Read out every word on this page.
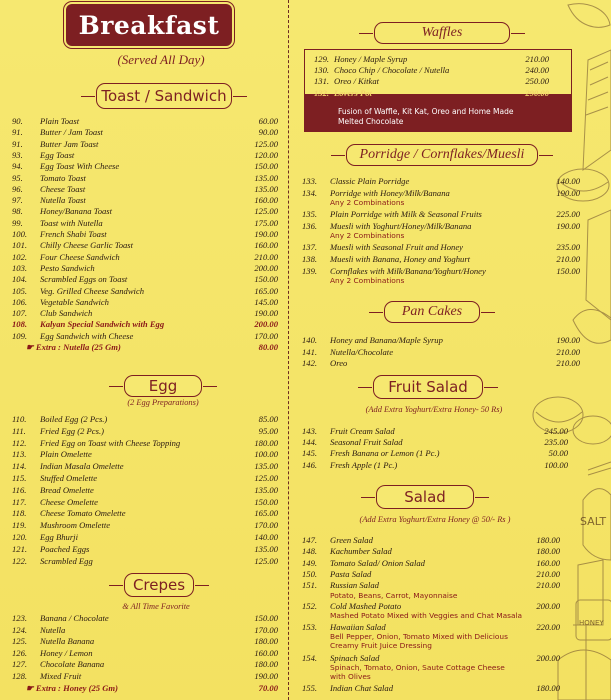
Breakfast
(Served All Day)
Toast / Sandwich
90. Plain Toast	60.00
91. Butter / Jam Toast	90.00
91. Butter Jam Toast	125.00
93. Egg Toast	120.00
94. Egg Toast With Cheese	150.00
95. Tomato Toast	135.00
96. Cheese Toast	135.00
97. Nutella Toast	160.00
98. Honey/Banana Toast	125.00
99. Toast with Nutella	175.00
100. French Shabi Toast	190.00
101. Chilly Cheese Garlic Toast	160.00
102. Four Cheese Sandwich	210.00
103. Pesto Sandwich	200.00
104. Scrambled Eggs on Toast	150.00
105. Veg. Grilled Cheese Sandwich	165.00
106. Vegetable Sandwich	145.00
107. Club Sandwich	190.00
108. Kalyan Special Sandwich with Egg	200.00
109. Egg Sandwich with Cheese	170.00
☛ Extra : Nutella (25 Gm)	80.00
Egg
(2 Egg Preparations)
110. Boiled Egg (2 Pcs.)	85.00
111. Fried Egg (2 Pcs.)	95.00
112. Fried Egg on Toast with Cheese Topping	180.00
113. Plain Omelette	100.00
114. Indian Masala Omelette	135.00
115. Stuffed Omelette	125.00
116. Bread Omelette	135.00
117. Cheese Omelette	150.00
118. Cheese Tomato Omelette	165.00
119. Mushroom Omelette	170.00
120. Egg Bhurji	140.00
121. Poached Eggs	135.00
122. Scrambled Egg	125.00
Crepes
& All Time Favorite
123. Banana / Chocolate	150.00
124. Nutella	170.00
125. Nutella Banana	180.00
126. Honey / Lemon	160.00
127. Chocolate Banana	180.00
128. Mixed Fruit	190.00
☛ Extra : Honey (25 Gm)	70.00
Waffles
Fusion of Waffle, Kit Kat, Oreo and Home Made Melted Chocolate
129. Honey / Maple Syrup	210.00
130. Choco Chip / Chocolate / Nutella	240.00
131. Oreo / Kitkat	250.00
132. Lovers Pot	290.00
Porridge / Cornflakes/Muesli
133. Classic Plain Porridge	140.00
134. Porridge with Honey/Milk/Banana	190.00
Any 2 Combinations
135. Plain Porridge with Milk & Seasonal Fruits	225.00
136. Muesli with Yoghurt/Honey/Milk/Banana	190.00
Any 2 Combinations
137. Muesli with Seasonal Fruit and Honey	235.00
138. Muesli with Banana, Honey and Yoghurt	210.00
139. Cornflakes with Milk/Banana/Yoghurt/Honey	150.00
Any 2 Combinations
Pan Cakes
140. Honey and Banana/Maple Syrup	190.00
141. Nutella/Chocolate	210.00
142. Oreo	210.00
Fruit Salad
(Add Extra Yoghurt/Extra Honey- 50 Rs)
143. Fruit Cream Salad	245.00
144. Seasonal Fruit Salad	235.00
145. Fresh Banana or Lemon (1 Pc.)	50.00
146. Fresh Apple (1 Pc.)	100.00
Salad
(Add Extra Yoghurt/Extra Honey @ 50/- Rs )
147. Green Salad	180.00
148. Kachumber Salad	180.00
149. Tomato Salad/ Onion Salad	160.00
150. Pasta Salad	210.00
151. Russian Salad	210.00
Potato, Beans, Carrot, Mayonnaise
152. Cold Mashed Potato	200.00
Mashed Potato Mixed with Veggies and Chat Masala
153. Hawaiian Salad	220.00
Bell Pepper, Onion, Tomato Mixed with Delicious Creamy Fruit Juice Dressing
154. Spinach Salad	200.00
Spinach, Tomato, Onion, Saute Cottage Cheese with Olives
155. Indian Chat Salad	180.00
SALT
HONEY
